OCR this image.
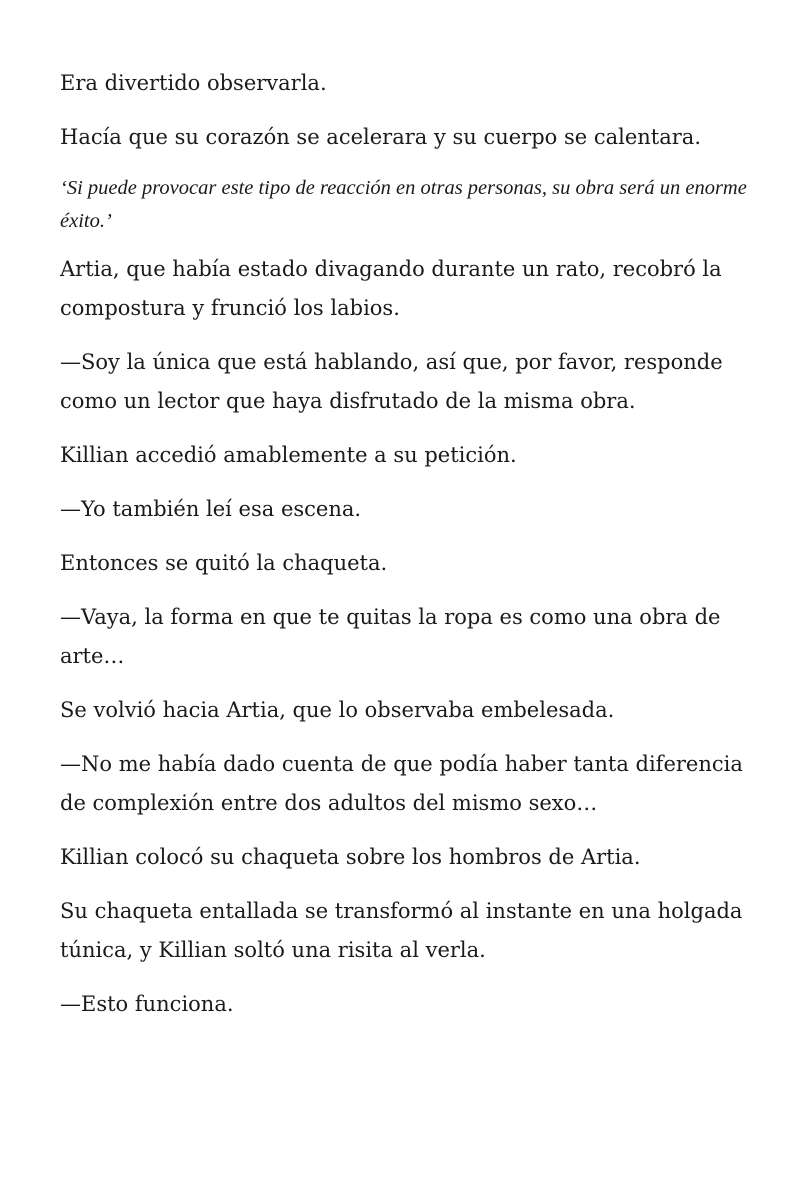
Era divertido observarla.

Hacía que su corazón se acelerara y su cuerpo se calentara.

‘Si puede provocar este tipo de reacción en otras personas, su obra será un enorme éxito.’

Artia, que había estado divagando durante un rato, recobró la compostura y frunció los labios.

—Soy la única que está hablando, así que, por favor, responde como un lector que haya disfrutado de la misma obra.

Killian accedió amablemente a su petición.

—Yo también leí esa escena.

Entonces se quitó la chaqueta.

—Vaya, la forma en que te quitas la ropa es como una obra de arte…

Se volvió hacia Artia, que lo observaba embelesada.

—No me había dado cuenta de que podía haber tanta diferencia de complexión entre dos adultos del mismo sexo…

Killian colocó su chaqueta sobre los hombros de Artia.

Su chaqueta entallada se transformó al instante en una holgada túnica, y Killian soltó una risita al verla.

—Esto funciona.
